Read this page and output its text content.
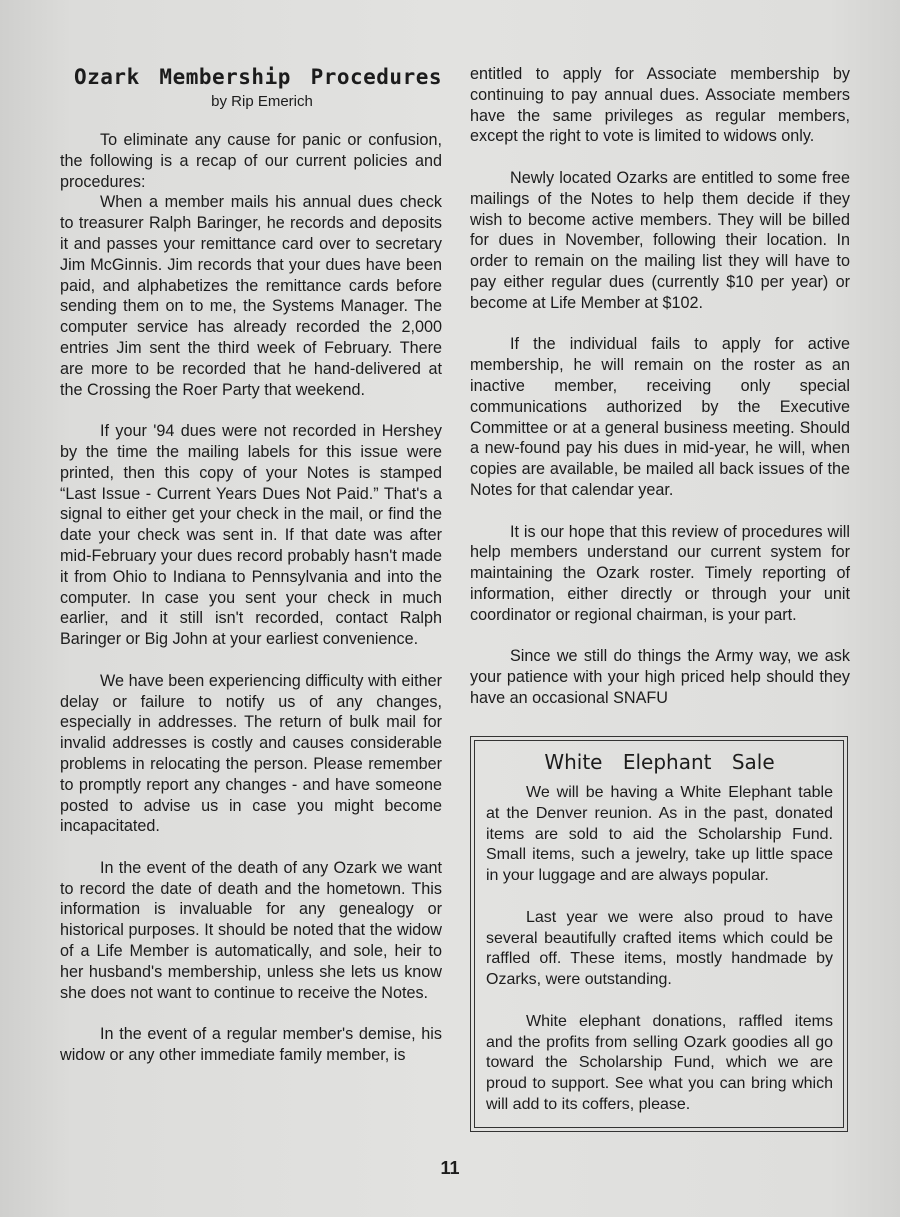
Ozark Membership Procedures
by Rip Emerich

To eliminate any cause for panic or confusion, the following is a recap of our current policies and procedures:

When a member mails his annual dues check to treasurer Ralph Baringer, he records and deposits it and passes your remittance card over to secretary Jim McGinnis. Jim records that your dues have been paid, and alphabetizes the remittance cards before sending them on to me, the Systems Manager. The computer service has already recorded the 2,000 entries Jim sent the third week of February. There are more to be recorded that he hand-delivered at the Crossing the Roer Party that weekend.

If your '94 dues were not recorded in Hershey by the time the mailing labels for this issue were printed, then this copy of your Notes is stamped “Last Issue - Current Years Dues Not Paid.” That's a signal to either get your check in the mail, or find the date your check was sent in. If that date was after mid-February your dues record probably hasn't made it from Ohio to Indiana to Pennsylvania and into the computer. In case you sent your check in much earlier, and it still isn't recorded, contact Ralph Baringer or Big John at your earliest convenience.

We have been experiencing difficulty with either delay or failure to notify us of any changes, especially in addresses. The return of bulk mail for invalid addresses is costly and causes considerable problems in relocating the person. Please remember to promptly report any changes - and have someone posted to advise us in case you might become incapacitated.

In the event of the death of any Ozark we want to record the date of death and the hometown. This information is invaluable for any genealogy or historical purposes. It should be noted that the widow of a Life Member is automatically, and sole, heir to her husband's membership, unless she lets us know she does not want to continue to receive the Notes.

In the event of a regular member's demise, his widow or any other immediate family member, is

entitled to apply for Associate membership by continuing to pay annual dues. Associate members have the same privileges as regular members, except the right to vote is limited to widows only.

Newly located Ozarks are entitled to some free mailings of the Notes to help them decide if they wish to become active members. They will be billed for dues in November, following their location. In order to remain on the mailing list they will have to pay either regular dues (currently $10 per year) or become at Life Member at $102.

If the individual fails to apply for active membership, he will remain on the roster as an inactive member, receiving only special communications authorized by the Executive Committee or at a general business meeting. Should a new-found pay his dues in mid-year, he will, when copies are available, be mailed all back issues of the Notes for that calendar year.

It is our hope that this review of procedures will help members understand our current system for maintaining the Ozark roster. Timely reporting of information, either directly or through your unit coordinator or regional chairman, is your part.

Since we still do things the Army way, we ask your patience with your high priced help should they have an occasional SNAFU

White Elephant Sale

We will be having a White Elephant table at the Denver reunion. As in the past, donated items are sold to aid the Scholarship Fund. Small items, such a jewelry, take up little space in your luggage and are always popular.

Last year we were also proud to have several beautifully crafted items which could be raffled off. These items, mostly handmade by Ozarks, were outstanding.

White elephant donations, raffled items and the profits from selling Ozark goodies all go toward the Scholarship Fund, which we are proud to support. See what you can bring which will add to its coffers, please.

11
